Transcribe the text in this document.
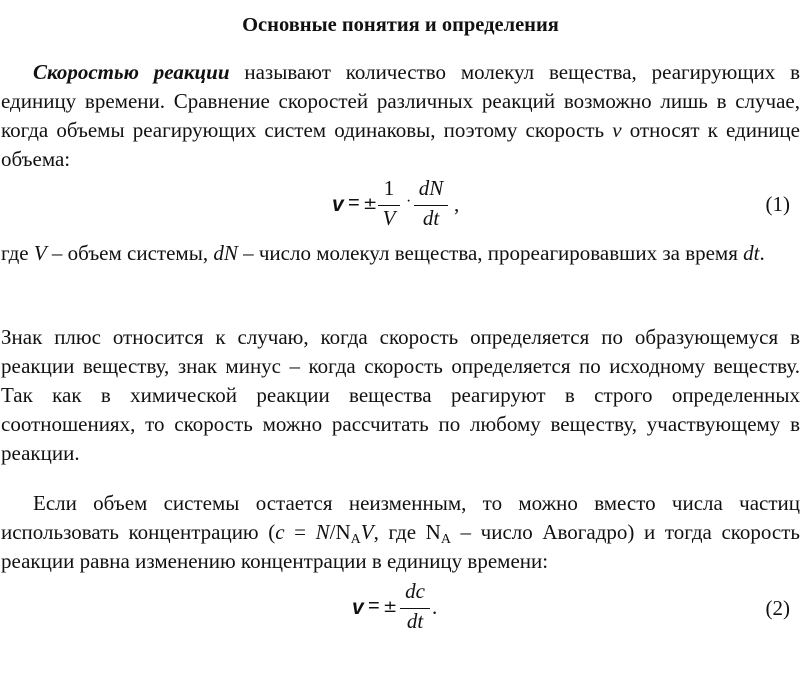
Основные понятия и определения

Скоростью реакции называют количество молекул вещества, реагирующих в единицу времени. Сравнение скоростей различных реакций возможно лишь в случае, когда объемы реагирующих систем одинаковы, поэтому скорость v относят к единице объема:

v = ±
1
V
·
dN
dt
,	(1)

где V – объем системы, dN – число молекул вещества, прореагировавших за время dt.

Знак плюс относится к случаю, когда скорость определяется по образующемуся в реакции веществу, знак минус – когда скорость определяется по исходному веществу. Так как в химической реакции вещества реагируют в строго определенных соотношениях, то скорость можно рассчитать по любому веществу, участвующему в реакции.

Если объем системы остается неизменным, то можно вместо числа частиц использовать концентрацию ($c = N/N_AV$, где $N_A$ – число Авогадро) и тогда скорость реакции равна изменению концентрации в единицу времени:

v = ±
dc
dt
.	(2)
